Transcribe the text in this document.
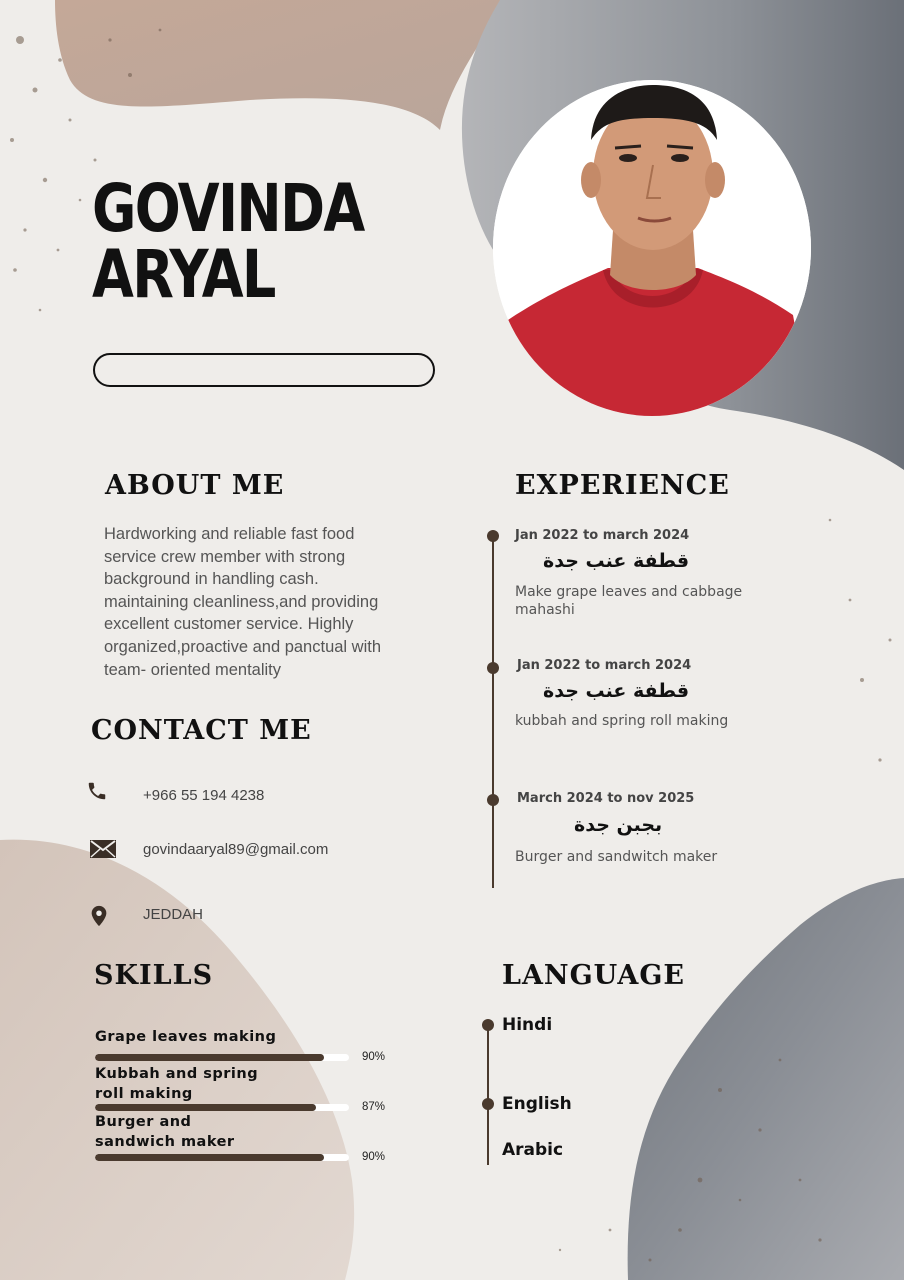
GOVINDA
ARYAL
ABOUT ME
Hardworking and reliable fast food service crew member with strong background in handling cash. maintaining cleanliness,and providing excellent customer service. Highly organized,proactive and panctual with team- oriented mentality
CONTACT ME
+966 55 194 4238
govindaaryal89@gmail.com
JEDDAH
EXPERIENCE
Jan 2022 to march 2024
قطفة عنب جدة
Make grape leaves and cabbage mahashi
Jan 2022 to march 2024
قطفة عنب جدة
kubbah and spring roll making
March 2024 to nov 2025
بجبن جدة
Burger and sandwitch maker
SKILLS
Grape leaves making
90%
Kubbah and spring roll making
87%
Burger and sandwich maker
90%
LANGUAGE
Hindi
English
Arabic
